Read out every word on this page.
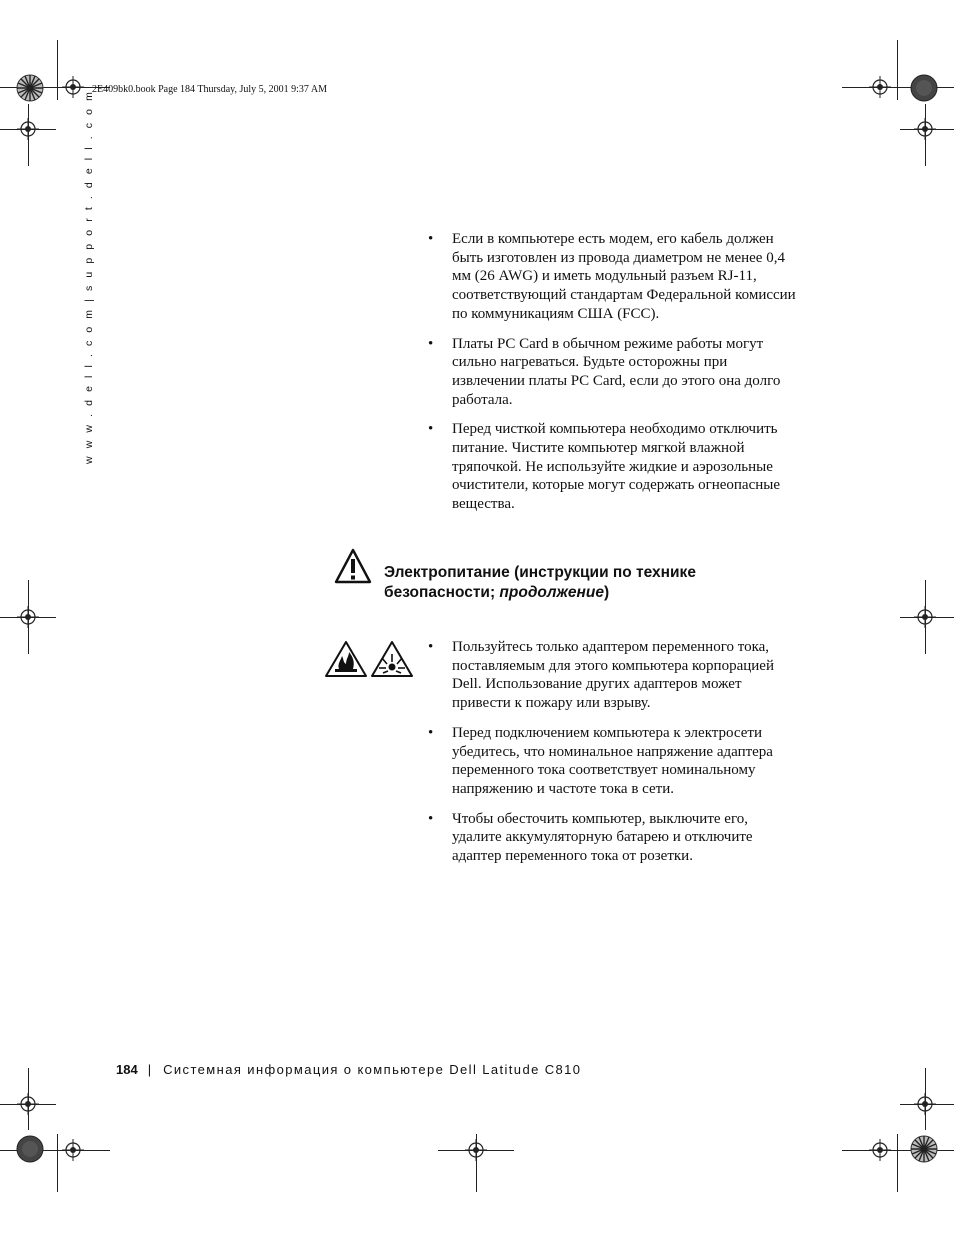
2E409bk0.book Page 184 Thursday, July 5, 2001 9:37 AM
w w w . d e l l . c o m | s u p p o r t . d e l l . c o m
•	Если в компьютере есть модем, его кабель должен быть изготовлен из провода диаметром не менее 0,4 мм (26 AWG) и иметь модульный разъем RJ-11, соответствующий стандартам Федеральной комиссии по коммуникациям США (FCC).
• Платы PC Card в обычном режиме работы могут сильно нагреваться. Будьте осторожны при извлечении платы PC Card, если до этого она долго работала.
• Перед чисткой компьютера необходимо отключить питание. Чистите компьютер мягкой влажной тряпочкой. Не используйте жидкие и аэрозольные очистители, которые могут содержать огнеопасные вещества.
Электропитание (инструкции по технике безопасности; продолжение)
• Пользуйтесь только адаптером переменного тока, поставляемым для этого компьютера корпорацией Dell. Использование других адаптеров может привести к пожару или взрыву.
• Перед подключением компьютера к электросети убедитесь, что номинальное напряжение адаптера переменного тока соответствует номинальному напряжению и частоте тока в сети.
• Чтобы обесточить компьютер, выключите его, удалите аккумуляторную батарею и отключите адаптер переменного тока от розетки.
184 | Системная информация о компьютере Dell Latitude C810
